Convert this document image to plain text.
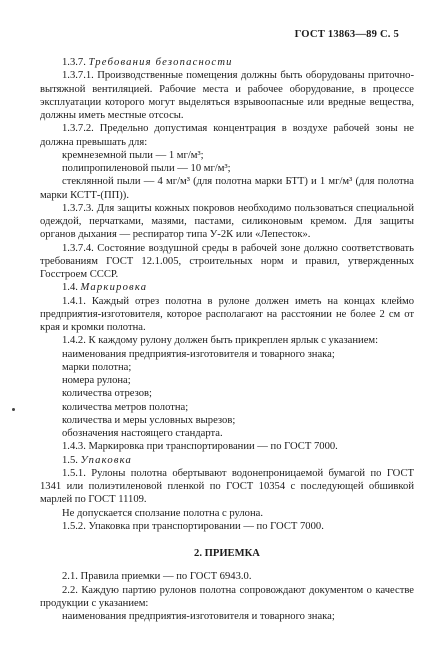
ГОСТ 13863—89 С. 5

1.3.7. Требования безопасности

1.3.7.1. Производственные помещения должны быть оборудованы приточно-вытяжной вентиляцией. Рабочие места и рабочее оборудование, в процессе эксплуатации которого могут выделяться взрывоопасные или вредные вещества, должны иметь местные отсосы.

1.3.7.2. Предельно допустимая концентрация в воздухе рабочей зоны не должна превышать для:

кремнеземной пыли — 1 мг/м³;

полипропиленовой пыли — 10 мг/м³;

стеклянной пыли — 4 мг/м³ (для полотна марки БТТ) и 1 мг/м³ (для полотна марки КСТТ-(ПП)).

1.3.7.3. Для защиты кожных покровов необходимо пользоваться специальной одеждой, перчатками, мазями, пастами, силиконовым кремом. Для защиты органов дыхания — респиратор типа У-2К или «Лепесток».

1.3.7.4. Состояние воздушной среды в рабочей зоне должно соответствовать требованиям ГОСТ 12.1.005, строительных норм и правил, утвержденных Госстроем СССР.

1.4. Маркировка

1.4.1. Каждый отрез полотна в рулоне должен иметь на концах клеймо предприятия-изготовителя, которое располагают на расстоянии не более 2 см от края и кромки полотна.

1.4.2. К каждому рулону должен быть прикреплен ярлык с указанием:

наименования предприятия-изготовителя и товарного знака;

марки полотна;

номера рулона;

количества отрезов;

количества метров полотна;

количества и меры условных вырезов;

обозначения настоящего стандарта.

1.4.3. Маркировка при транспортировании — по ГОСТ 7000.

1.5. Упаковка

1.5.1. Рулоны полотна обертывают водонепроницаемой бумагой по ГОСТ 1341 или полиэтиленовой пленкой по ГОСТ 10354 с последующей обшивкой марлей по ГОСТ 11109.

Не допускается сползание полотна с рулона.

1.5.2. Упаковка при транспортировании — по ГОСТ 7000.

2. ПРИЕМКА

2.1. Правила приемки — по ГОСТ 6943.0.

2.2. Каждую партию рулонов полотна сопровождают документом о качестве продукции с указанием:

наименования предприятия-изготовителя и товарного знака;
